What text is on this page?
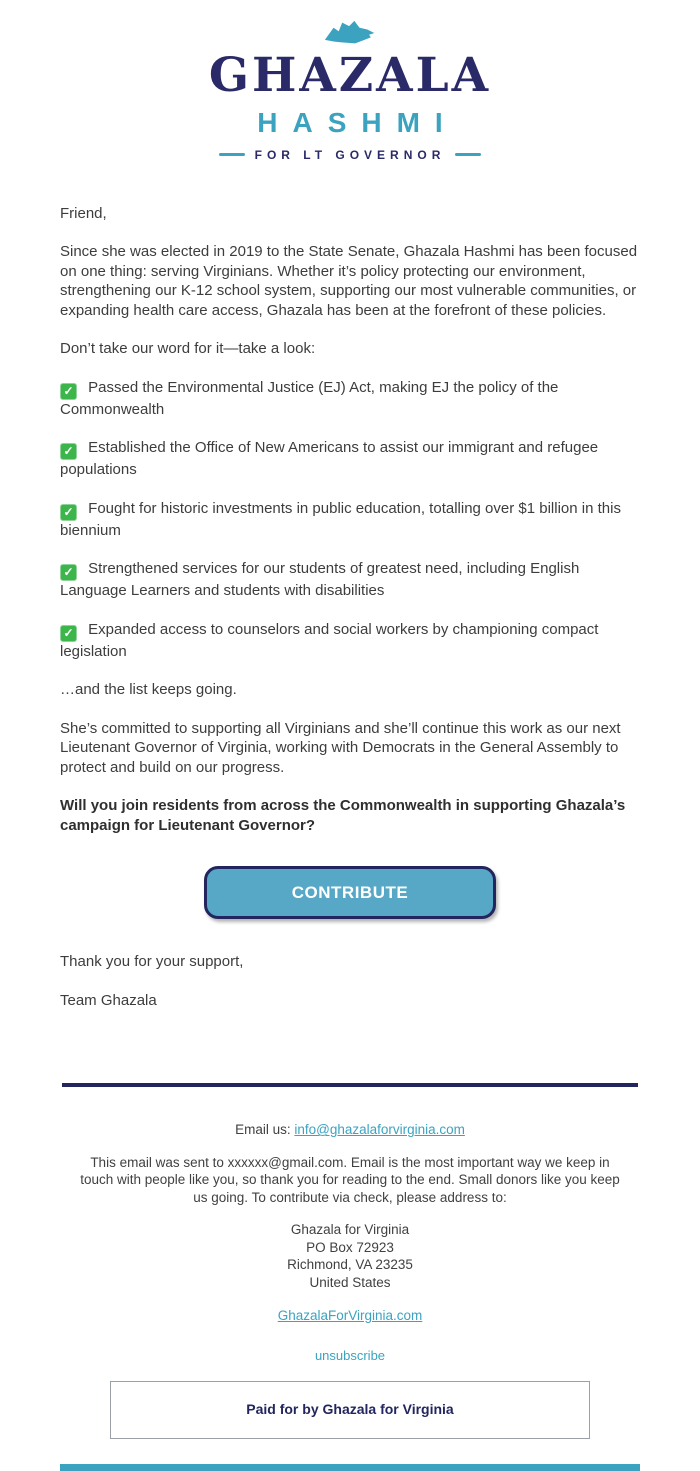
GHAZALA
HASHMI
FOR LT GOVERNOR

Friend,

Since she was elected in 2019 to the State Senate, Ghazala Hashmi has been focused on one thing: serving Virginians. Whether it’s policy protecting our environment, strengthening our K-12 school system, supporting our most vulnerable communities, or expanding health care access, Ghazala has been at the forefront of these policies.

Don’t take our word for it—take a look:

✓ Passed the Environmental Justice (EJ) Act, making EJ the policy of the Commonwealth

✓ Established the Office of New Americans to assist our immigrant and refugee populations

✓ Fought for historic investments in public education, totalling over $1 billion in this biennium

✓ Strengthened services for our students of greatest need, including English Language Learners and students with disabilities

✓ Expanded access to counselors and social workers by championing compact legislation

…and the list keeps going.

She’s committed to supporting all Virginians and she’ll continue this work as our next Lieutenant Governor of Virginia, working with Democrats in the General Assembly to protect and build on our progress.

Will you join residents from across the Commonwealth in supporting Ghazala’s campaign for Lieutenant Governor?

CONTRIBUTE

Thank you for your support,

Team Ghazala

Email us: info@ghazalaforvirginia.com

This email was sent to xxxxxx@gmail.com. Email is the most important way we keep in touch with people like you, so thank you for reading to the end. Small donors like you keep us going. To contribute via check, please address to:

Ghazala for Virginia
PO Box 72923
Richmond, VA 23235
United States

GhazalaForVirginia.com

unsubscribe

Paid for by Ghazala for Virginia
